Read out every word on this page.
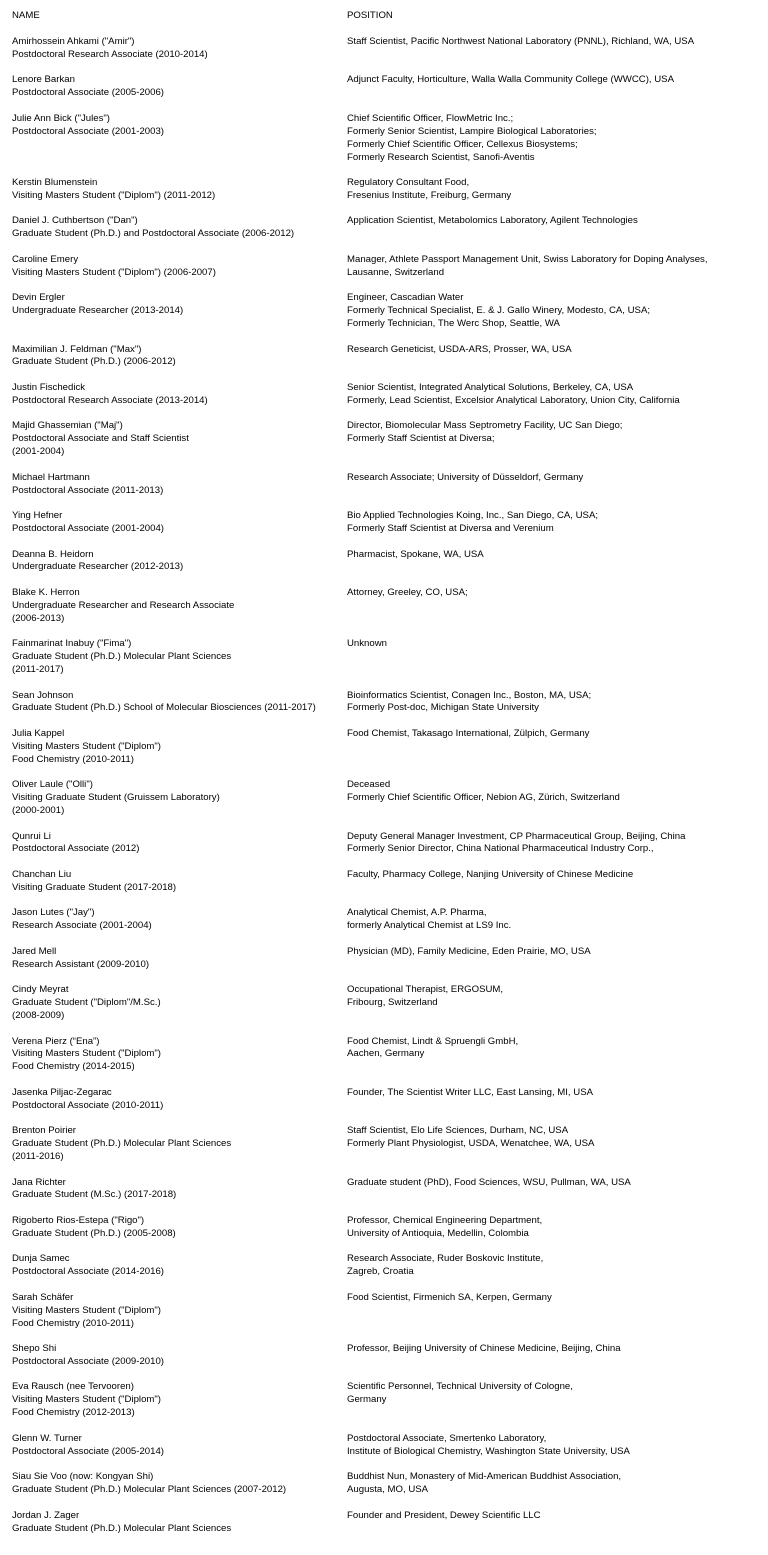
NAME	POSITION
Amirhossein Ahkami ("Amir")
Postdoctoral Research Associate (2010-2014)
Staff Scientist, Pacific Northwest National Laboratory (PNNL), Richland, WA, USA
Lenore Barkan
Postdoctoral Associate (2005-2006)
Adjunct Faculty, Horticulture, Walla Walla Community College (WWCC), USA
Julie Ann Bick ("Jules")
Postdoctoral Associate (2001-2003)
Chief Scientific Officer, FlowMetric Inc.;
Formerly Senior Scientist, Lampire Biological Laboratories;
Formerly Chief Scientific Officer, Cellexus Biosystems;
Formerly Research Scientist, Sanofi-Aventis
Kerstin Blumenstein
Visiting Masters Student ("Diplom") (2011-2012)
Regulatory Consultant Food,
Fresenius Institute, Freiburg, Germany
Daniel J. Cuthbertson ("Dan")
Graduate Student (Ph.D.) and Postdoctoral Associate (2006-2012)
Application Scientist, Metabolomics Laboratory, Agilent Technologies
Caroline Emery
Visiting Masters Student ("Diplom") (2006-2007)
Manager, Athlete Passport Management Unit, Swiss Laboratory for Doping Analyses,
Lausanne, Switzerland
Devin Ergler
Undergraduate Researcher (2013-2014)
Engineer, Cascadian Water
Formerly Technical Specialist, E. & J. Gallo Winery, Modesto, CA, USA;
Formerly Technician, The Werc Shop, Seattle, WA
Maximilian J. Feldman ("Max")
Graduate Student (Ph.D.) (2006-2012)
Research Geneticist, USDA-ARS, Prosser, WA, USA
Justin Fischedick
Postdoctoral Research Associate (2013-2014)
Senior Scientist, Integrated Analytical Solutions, Berkeley, CA, USA
Formerly, Lead Scientist, Excelsior Analytical Laboratory, Union City, California
Majid Ghassemian ("Maj")
Postdoctoral Associate and Staff Scientist
(2001-2004)
Director, Biomolecular Mass Septrometry Facility, UC San Diego;
Formerly Staff Scientist at Diversa;
Michael Hartmann
Postdoctoral Associate (2011-2013)
Research Associate; University of Düsseldorf, Germany
Ying Hefner
Postdoctoral Associate (2001-2004)
Bio Applied Technologies Koing, Inc., San Diego, CA, USA;
Formerly Staff Scientist at Diversa and Verenium
Deanna B. Heidorn
Undergraduate Researcher (2012-2013)
Pharmacist, Spokane, WA, USA
Blake K. Herron
Undergraduate Researcher and Research Associate
(2006-2013)
Attorney, Greeley, CO, USA;
Fainmarinat Inabuy ("Fima")
Graduate Student (Ph.D.) Molecular Plant Sciences
(2011-2017)
Unknown
Sean Johnson
Graduate Student (Ph.D.) School of Molecular Biosciences (2011-2017)
Bioinformatics Scientist, Conagen Inc., Boston, MA, USA;
Formerly Post-doc, Michigan State University
Julia Kappel
Visiting Masters Student ("Diplom")
Food Chemistry (2010-2011)
Food Chemist, Takasago International, Zülpich, Germany
Oliver Laule ("Olli")
Visiting Graduate Student (Gruissem Laboratory)
(2000-2001)
Deceased
Formerly Chief Scientific Officer, Nebion AG, Zürich, Switzerland
Qunrui Li
Postdoctoral Associate (2012)
Deputy General Manager Investment, CP Pharmaceutical Group, Beijing, China
Formerly Senior Director, China National Pharmaceutical Industry Corp.,
Chanchan Liu
Visiting Graduate Student (2017-2018)
Faculty, Pharmacy College, Nanjing University of Chinese Medicine
Jason Lutes ("Jay")
Research Associate (2001-2004)
Analytical Chemist, A.P. Pharma,
formerly Analytical Chemist at LS9 Inc.
Jared Mell
Research Assistant (2009-2010)
Physician (MD), Family Medicine, Eden Prairie, MO, USA
Cindy Meyrat
Graduate Student ("Diplom"/M.Sc.)
(2008-2009)
Occupational Therapist, ERGOSUM,
Fribourg, Switzerland
Verena Pierz (“Ena”)
Visiting Masters Student ("Diplom")
Food Chemistry (2014-2015)
Food Chemist, Lindt & Spruengli GmbH,
Aachen, Germany
Jasenka Piljac-Zegarac
Postdoctoral Associate (2010-2011)
Founder, The Scientist Writer LLC, East Lansing, MI, USA
Brenton Poirier
Graduate Student (Ph.D.) Molecular Plant Sciences
(2011-2016)
Staff Scientist, Elo Life Sciences, Durham, NC, USA
Formerly Plant Physiologist, USDA, Wenatchee, WA, USA
Jana Richter
Graduate Student (M.Sc.) (2017-2018)
Graduate student (PhD), Food Sciences, WSU, Pullman, WA, USA
Rigoberto Rios-Estepa ("Rigo")
Graduate Student (Ph.D.) (2005-2008)
Professor, Chemical Engineering Department,
University of Antioquia, Medellin, Colombia
Dunja Samec
Postdoctoral Associate (2014-2016)
Research Associate, Ruder Boskovic Institute,
Zagreb, Croatia
Sarah Schäfer
Visiting Masters Student ("Diplom")
Food Chemistry (2010-2011)
Food Scientist, Firmenich SA, Kerpen, Germany
Shepo Shi
Postdoctoral Associate (2009-2010)
Professor, Beijing University of Chinese Medicine, Beijing, China
Eva Rausch (nee Tervooren)
Visiting Masters Student ("Diplom")
Food Chemistry (2012-2013)
Scientific Personnel, Technical University of Cologne,
Germany
Glenn W. Turner
Postdoctoral Associate (2005-2014)
Postdoctoral Associate, Smertenko Laboratory,
Institute of Biological Chemistry, Washington State University, USA
Siau Sie Voo (now: Kongyan Shi)
Graduate Student (Ph.D.) Molecular Plant Sciences (2007-2012)
Buddhist Nun, Monastery of Mid-American Buddhist Association,
Augusta, MO, USA
Jordan J. Zager
Graduate Student (Ph.D.) Molecular Plant Sciences
Founder and President, Dewey Scientific LLC
